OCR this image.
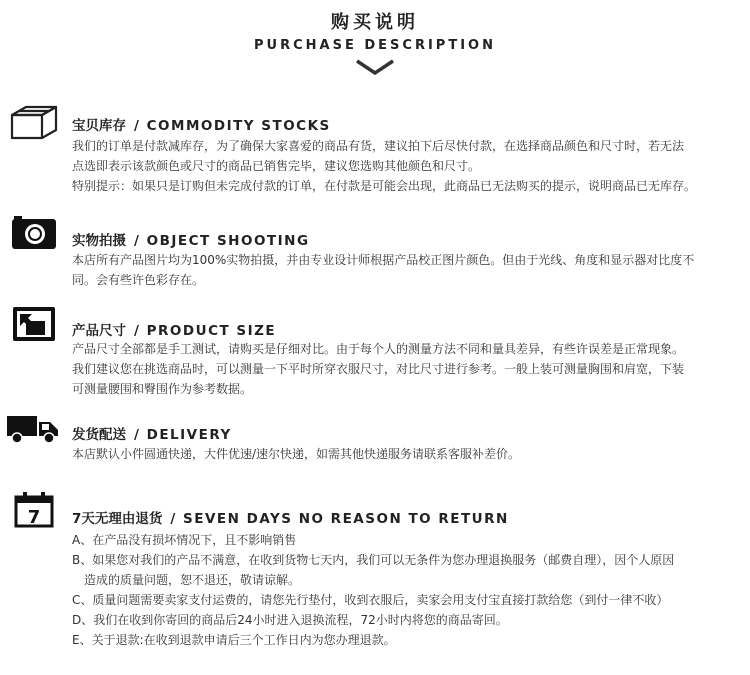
购买说明
PURCHASE DESCRIPTION
宝贝库存 / COMMODITY STOCKS
我们的订单是付款减库存，为了确保大家喜爱的商品有货，建议拍下后尽快付款，在选择商品颜色和尺寸时，若无法
点选即表示该款颜色或尺寸的商品已销售完毕，建议您选购其他颜色和尺寸。
特别提示：如果只是订购但未完成付款的订单，在付款是可能会出现，此商品已无法购买的提示，说明商品已无库存。
实物拍摄 / OBJECT SHOOTING
本店所有产品图片均为100%实物拍摄，并由专业设计师根据产品校正图片颜色。但由于光线、角度和显示器对比度不
同。会有些许色彩存在。
产品尺寸 / PRODUCT SIZE
产品尺寸全部都是手工测试，请购买是仔细对比。由于每个人的测量方法不同和量具差异，有些许误差是正常现象。
我们建议您在挑选商品时，可以测量一下平时所穿衣服尺寸，对比尺寸进行参考。一般上装可测量胸围和肩宽，下装
可测量腰围和臀围作为参考数据。
发货配送 / DELIVERY
本店默认小件圆通快递，大件优速/速尔快递，如需其他快递服务请联系客服补差价。
7 7天无理由退货 / SEVEN DAYS NO REASON TO RETURN
A、在产品没有损坏情况下，且不影响销售
B、如果您对我们的产品不满意，在收到货物七天内，我们可以无条件为您办理退换服务（邮费自理），因个人原因
造成的质量问题，恕不退还，敬请谅解。
C、质量问题需要卖家支付运费的，请您先行垫付，收到衣服后，卖家会用支付宝直接打款给您（到付一律不收）
D、我们在收到你寄回的商品后24小时进入退换流程，72小时内将您的商品寄回。
E、关于退款:在收到退款申请后三个工作日内为您办理退款。
